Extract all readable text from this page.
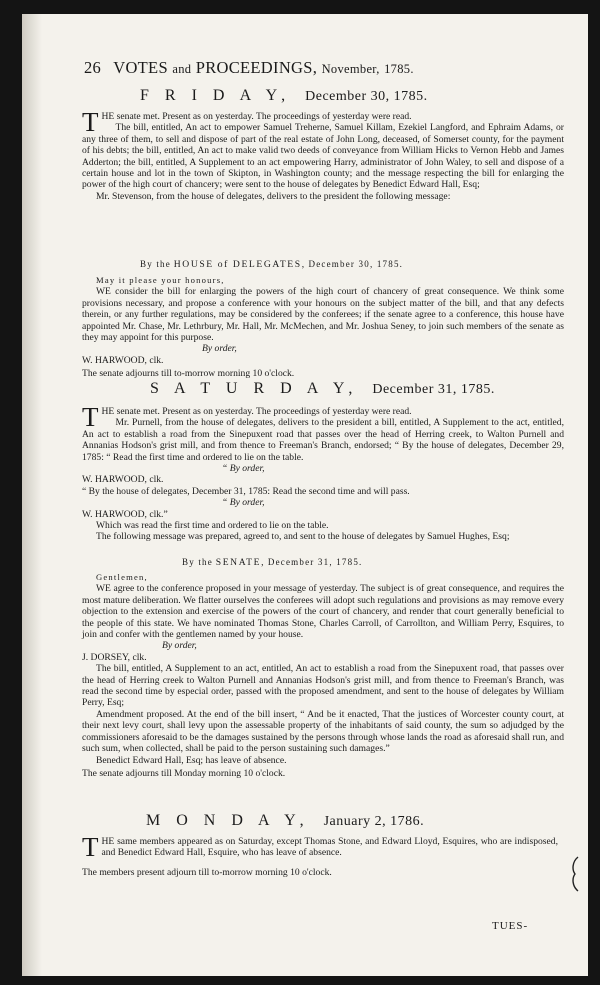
26 VOTES and PROCEEDINGS, November, 1785.
F R I D A Y, December 30, 1785.

THE senate met. Present as on yesterday. The proceedings of yesterday were read.

The bill, entitled, An act to empower Samuel Treherne, Samuel Killam, Ezekiel Langford, and Ephraim Adams, or any three of them, to sell and dispose of part of the real estate of John Long, deceased, of Somerset county, for the payment of his debts; the bill, entitled, An act to make valid two deeds of conveyance from William Hicks to Vernon Hebb and James Adderton; the bill, entitled, A Supplement to an act empowering Harry, administrator of John Waley, to sell and dispose of a certain house and lot in the town of Skipton, in Washington county; and the message respecting the bill for enlarging the power of the high court of chancery; were sent to the house of delegates by Benedict Edward Hall, Esq;

Mr. Stevenson, from the house of delegates, delivers to the president the following message:

By the HOUSE of DELEGATES, December 30, 1785.

May it please your honours,

WE consider the bill for enlarging the powers of the high court of chancery of great consequence. We think some provisions necessary, and propose a conference with your honours on the subject matter of the bill, and that any defects therein, or any further regulations, may be considered by the conferees; if the senate agree to a conference, this house have appointed Mr. Chase, Mr. Lethrbury, Mr. Hall, Mr. McMechen, and Mr. Joshua Seney, to join such members of the senate as they may appoint for this purpose.

By order,

W. HARWOOD, clk.

The senate adjourns till to-morrow morning 10 o'clock.

S A T U R D A Y, December 31, 1785.

THE senate met. Present as on yesterday. The proceedings of yesterday were read.

Mr. Purnell, from the house of delegates, delivers to the president a bill, entitled, A Supplement to the act, entitled, An act to establish a road from the Sinepuxent road that passes over the head of Herring creek, to Walton Purnell and Annanias Hodson's grist mill, and from thence to Freeman's Branch, endorsed; “ By the house of delegates, December 29, 1785: “ Read the first time and ordered to lie on the table.

“ By order,

W. HARWOOD, clk.

“ By the house of delegates, December 31, 1785: Read the second time and will pass.

“ By order,

W. HARWOOD, clk.”

Which was read the first time and ordered to lie on the table.

The following message was prepared, agreed to, and sent to the house of delegates by Samuel Hughes, Esq;

By the SENATE, December 31, 1785.

Gentlemen,

WE agree to the conference proposed in your message of yesterday. The subject is of great consequence, and requires the most mature deliberation. We flatter ourselves the conferees will adopt such regulations and provisions as may remove every objection to the extension and exercise of the powers of the court of chancery, and render that court generally beneficial to the people of this state. We have nominated Thomas Stone, Charles Carroll, of Carrollton, and William Perry, Esquires, to join and confer with the gentlemen named by your house.

By order,

J. DORSEY, clk.

The bill, entitled, A Supplement to an act, entitled, An act to establish a road from the Sinepuxent road, that passes over the head of Herring creek to Walton Purnell and Annanias Hodson's grist mill, and from thence to Freeman's Branch, was read the second time by especial order, passed with the proposed amendment, and sent to the house of delegates by William Perry, Esq;

Amendment proposed. At the end of the bill insert, “ And be it enacted, That the justices of Worcester county court, at their next levy court, shall levy upon the assessable property of the inhabitants of said county, the sum so adjudged by the commissioners aforesaid to be the damages sustained by the persons through whose lands the road as aforesaid shall run, and such sum, when collected, shall be paid to the person sustaining such damages.”

Benedict Edward Hall, Esq; has leave of absence.

The senate adjourns till Monday morning 10 o'clock.

M O N D A Y, January 2, 1786.

THE same members appeared as on Saturday, except Thomas Stone, and Edward Lloyd, Esquires, who are indisposed, and Benedict Edward Hall, Esquire, who has leave of absence.

The members present adjourn till to-morrow morning 10 o'clock.

TUES-
